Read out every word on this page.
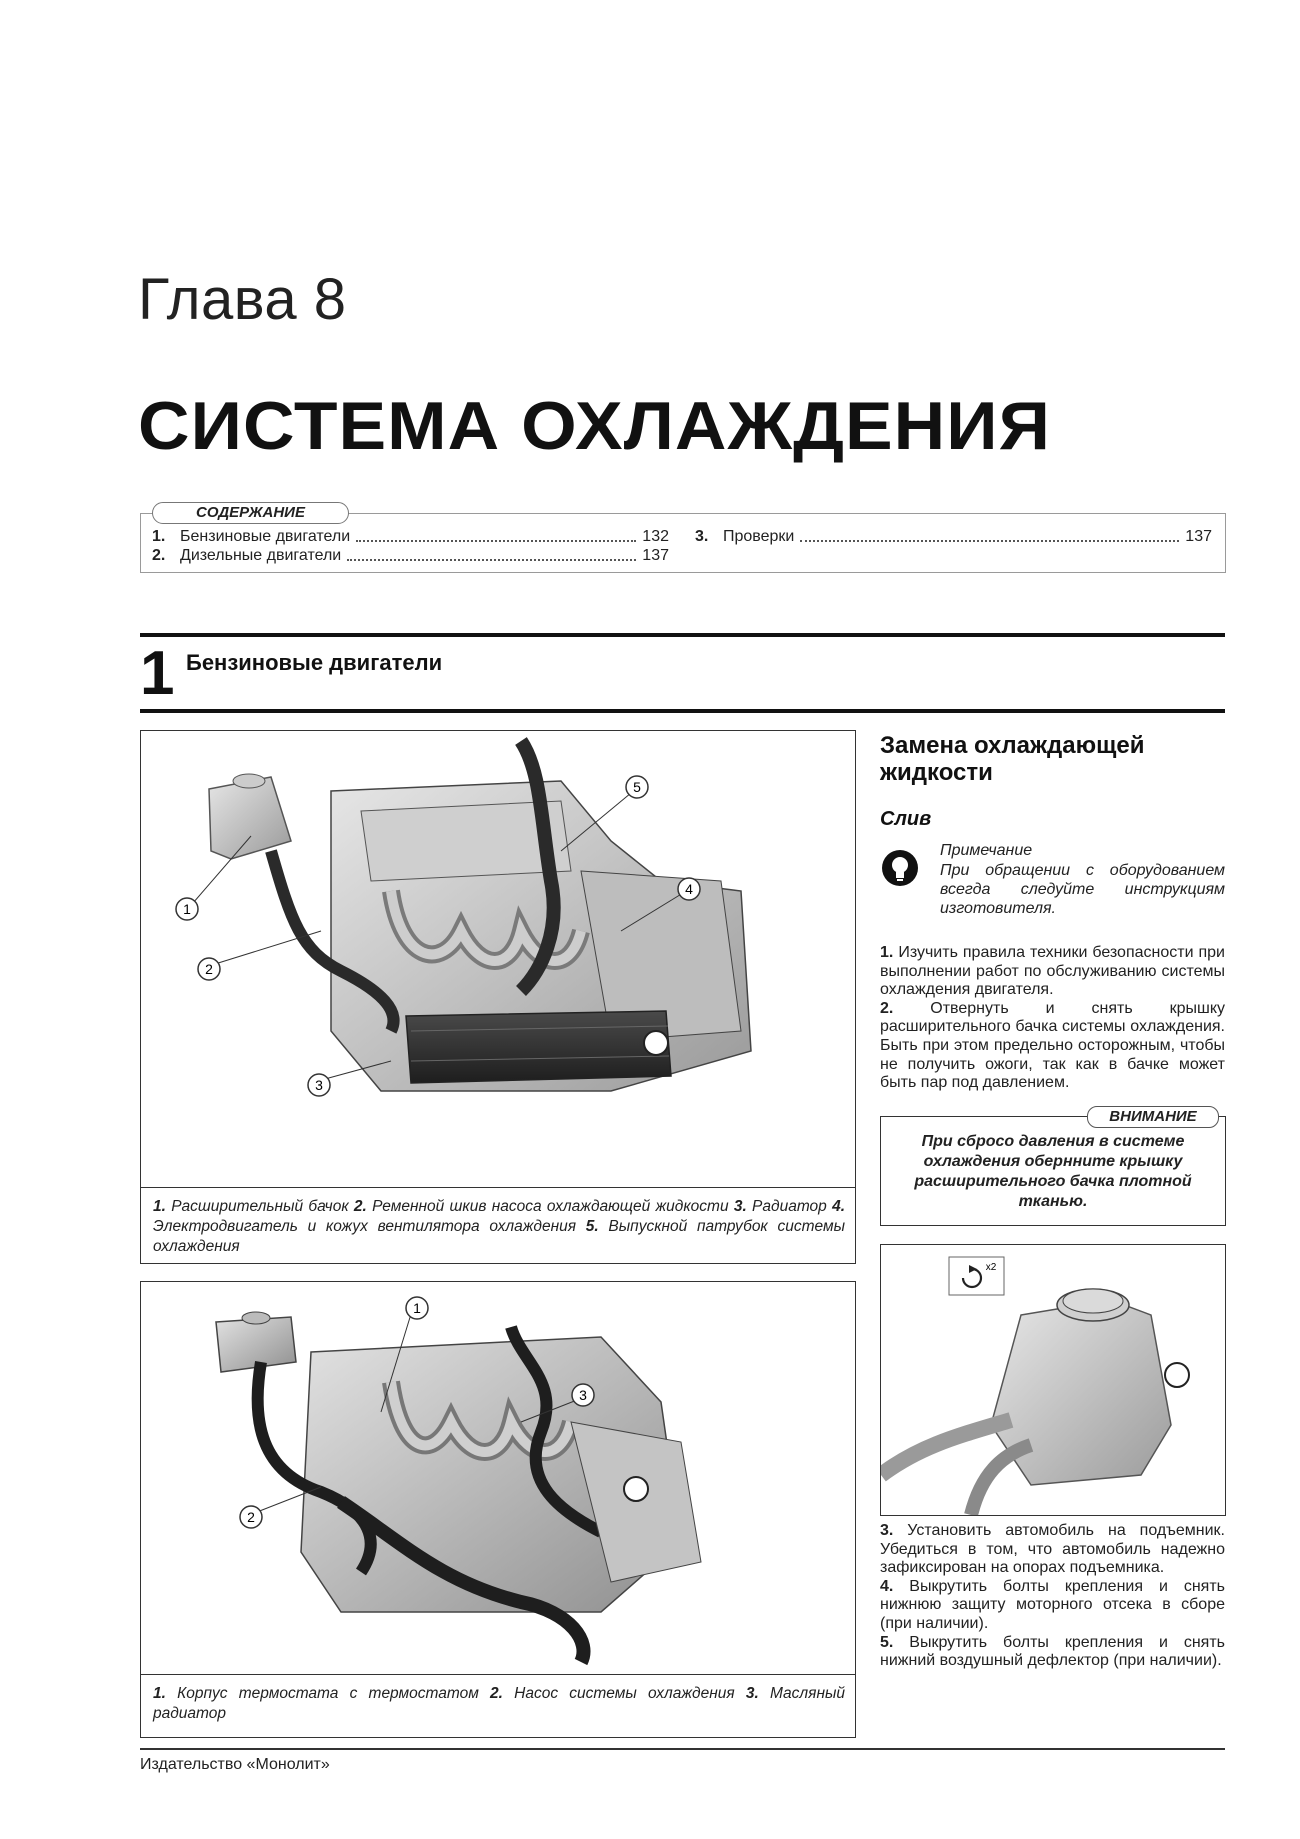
Глава 8
СИСТЕМА ОХЛАЖДЕНИЯ
СОДЕРЖАНИЕ
1. Бензиновые двигатели	132
2. Дизельные двигатели	137
3. Проверки	137
1 Бензиновые двигатели
1
2
3
4
5
1. Расширительный бачок 2. Ременной шкив насоса охлаждающей жидкости 3. Радиатор 4. Электродвигатель и кожух вентилятора охлаждения 5. Выпускной патрубок системы охлаждения
1
2
3
1. Корпус термостата с термостатом 2. Насос системы охлаждения 3. Масляный радиатор
Замена охлаждающей жидкости
Слив
Примечание
При обращении с оборудованием всегда следуйте инструкциям изготовителя.
1. Изучить правила техники безопасности при выполнении работ по обслуживанию системы охлаждения двигателя.
2. Отвернуть и снять крышку расширительного бачка системы охлаждения. Быть при этом предельно осторожным, чтобы не получить ожоги, так как в бачке может быть пар под давлением.
ВНИМАНИЕ
При сбросо давления в системе охлаждения обернните крышку расширительного бачка плотной тканью.
x2
3. Установить автомобиль на подъемник. Убедиться в том, что автомобиль надежно зафиксирован на опорах подъемника.
4. Выкрутить болты крепления и снять нижнюю защиту моторного отсека в сборе (при наличии).
5. Выкрутить болты крепления и снять нижний воздушный дефлектор (при наличии).
Издательство «Монолит»
